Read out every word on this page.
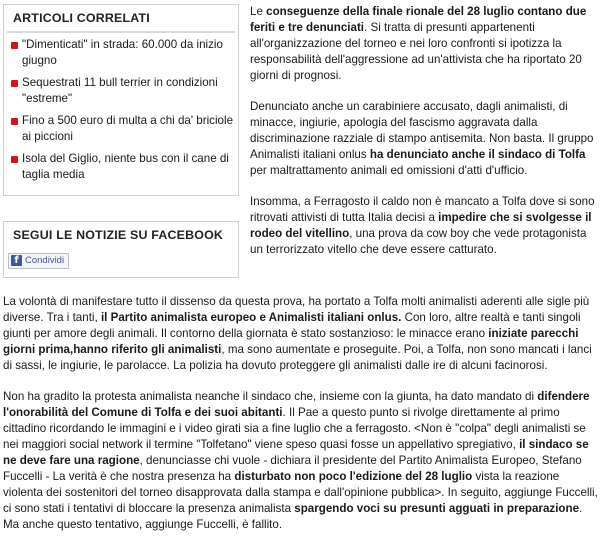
ARTICOLI CORRELATI
"Dimenticati" in strada: 60.000 da inizio giugno
Sequestrati 11 bull terrier in condizioni "estreme"
Fino a 500 euro di multa a chi da' briciole ai piccioni
Isola del Giglio, niente bus con il cane di taglia media
SEGUI LE NOTIZIE SU FACEBOOK
f Condividi

Le conseguenze della finale rionale del 28 luglio contano due feriti e tre denunciati. Si tratta di presunti appartenenti all'organizzazione del torneo e nei loro confronti si ipotizza la responsabilità dell'aggressione ad un'attivista che ha riportato 20 giorni di prognosi.

Denunciato anche un carabiniere accusato, dagli animalisti, di minacce, ingiurie, apologia del fascismo aggravata dalla discriminazione razziale di stampo antisemita. Non basta. Il gruppo Animalisti italiani onlus ha denunciato anche il sindaco di Tolfa per maltrattamento animali ed omissioni d'atti d'ufficio.

Insomma, a Ferragosto il caldo non è mancato a Tolfa dove si sono ritrovati attivisti di tutta Italia decisi a impedire che si svolgesse il rodeo del vitellino, una prova da cow boy che vede protagonista un terrorizzato vitello che deve essere catturato.

La volontà di manifestare tutto il dissenso da questa prova, ha portato a Tolfa molti animalisti aderenti alle sigle più diverse. Tra i tanti, il Partito animalista europeo e Animalisti italiani onlus. Con loro, altre realtà e tanti singoli giunti per amore degli animali. Il contorno della giornata è stato sostanzioso: le minacce erano iniziate parecchi giorni prima,hanno riferito gli animalisti, ma sono aumentate e proseguite. Poi, a Tolfa, non sono mancati i lanci di sassi, le ingiurie, le parolacce. La polizia ha dovuto proteggere gli animalisti dalle ire di alcuni facinorosi.

Non ha gradito la protesta animalista neanche il sindaco che, insieme con la giunta, ha dato mandato di difendere l'onorabilità del Comune di Tolfa e dei suoi abitanti. Il Pae a questo punto si rivolge direttamente al primo cittadino ricordando le immagini e i video girati sia a fine luglio che a ferragosto. <Non è "colpa" degli animalisti se nei maggiori social network il termine "Tolfetano" viene speso quasi fosse un appellativo spregiativo, il sindaco se ne deve fare una ragione, denunciasse chi vuole - dichiara il presidente del Partito Animalista Europeo, Stefano Fuccelli - La verità è che nostra presenza ha disturbato non poco l'edizione del 28 luglio vista la reazione violenta dei sostenitori del torneo disapprovata dalla stampa e dall'opinione pubblica>. In seguito, aggiunge Fuccelli, ci sono stati i tentativi di bloccare la presenza animalista spargendo voci su presunti agguati in preparazione. Ma anche questo tentativo, aggiunge Fuccelli, è fallito.
